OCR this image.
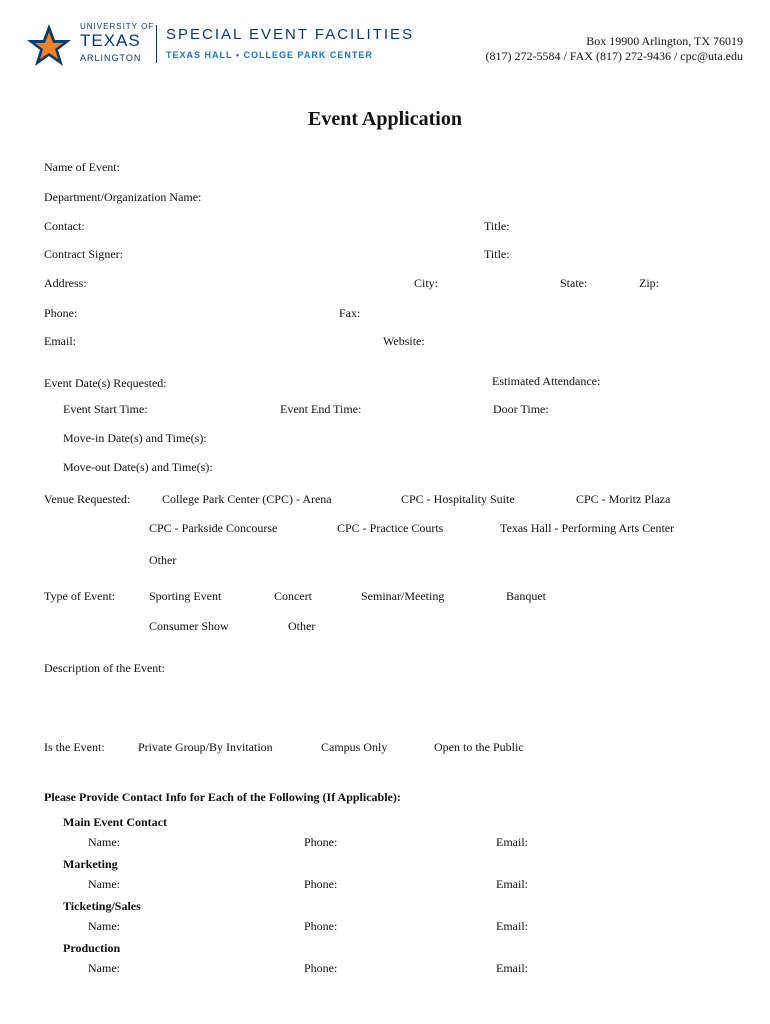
UNIVERSITY OF
TEXAS
ARLINGTON
SPECIAL EVENT FACILITIES
TEXAS HALL • COLLEGE PARK CENTER
Box 19900 Arlington, TX 76019
(817) 272-5584 / FAX (817) 272-9436 / cpc@uta.edu
Event Application
Name of Event:
Department/Organization Name:
Contact:	Title:
Contract Signer:	Title:
Address:	City:	State:	Zip:
Phone:	Fax:
Email:	Website:
Event Date(s) Requested:	Estimated Attendance:
Event Start Time:	Event End Time:	Door Time:
Move-in Date(s) and Time(s):
Move-out Date(s) and Time(s):
Venue Requested:	College Park Center (CPC) - Arena	CPC - Hospitality Suite	CPC - Moritz Plaza
CPC - Parkside Concourse	CPC - Practice Courts	Texas Hall - Performing Arts Center
Other
Type of Event:	Sporting Event	Concert	Seminar/Meeting	Banquet
Consumer Show	Other
Description of the Event:
Is the Event:	Private Group/By Invitation	Campus Only	Open to the Public
Please Provide Contact Info for Each of the Following (If Applicable):
Main Event Contact
Name:	Phone:	Email:
Marketing
Name:	Phone:	Email:
Ticketing/Sales
Name:	Phone:	Email:
Production
Name:	Phone:	Email:
